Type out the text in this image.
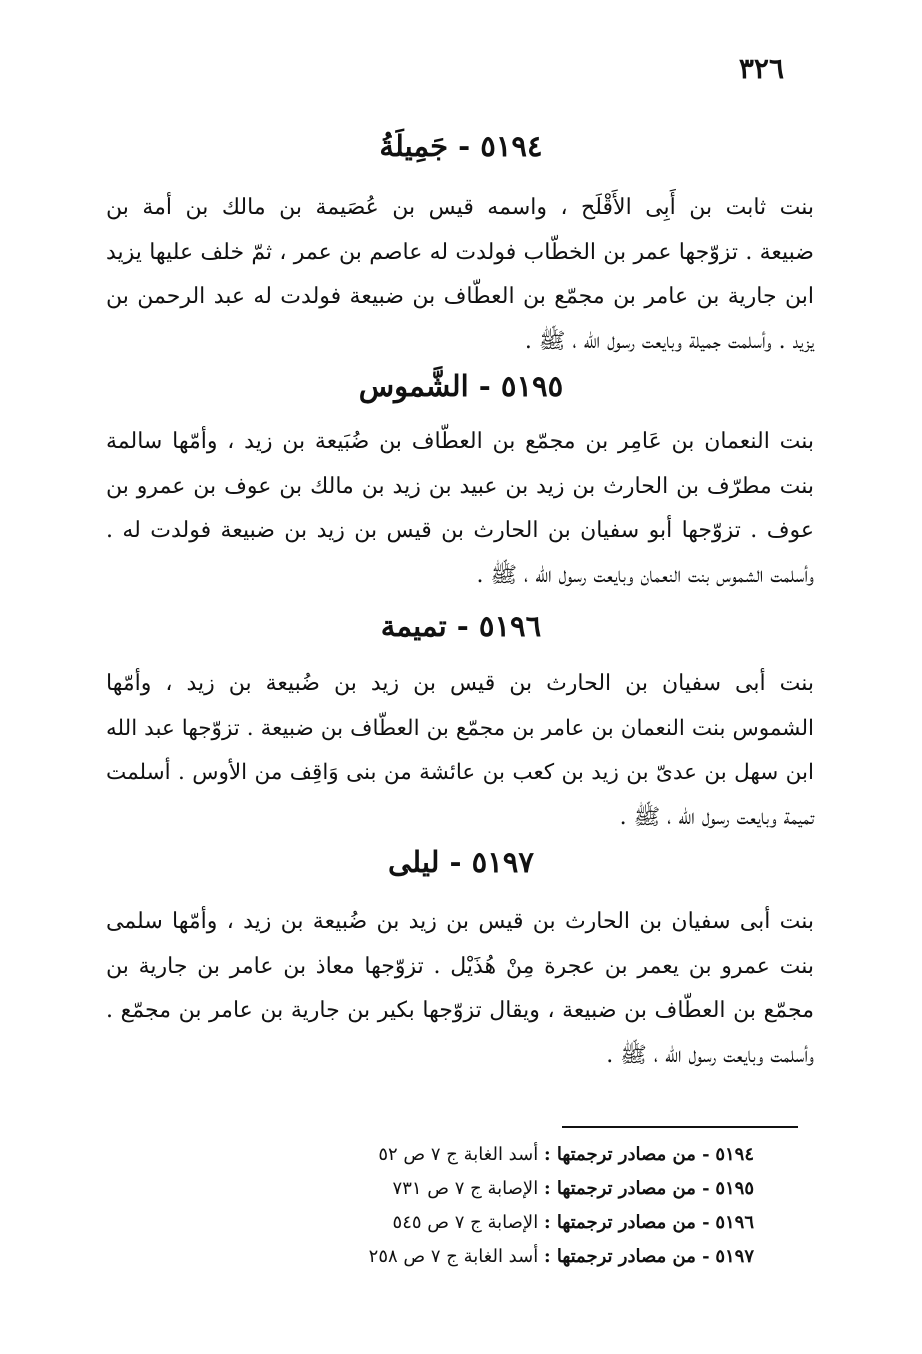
٣٢٦
٥١٩٤ - جَمِيلَةُ
بنت ثابت بن أَبِى الأَقْلَح ، واسمه قيس بن عُصَيمة بن مالك بن أمة بن
ضبيعة . تزوّجها عمر بن الخطّاب فولدت له عاصم بن عمر ، ثمّ خلف عليها يزيد
ابن جارية بن عامر بن مجمّع بن العطّاف بن ضبيعة فولدت له عبد الرحمن بن
يزيد . وأسلمت جميلة وبايعت رسول الله ، ﷺ .
٥١٩٥ - الشَّموس
بنت النعمان بن عَامِر بن مجمّع بن العطّاف بن ضُبَيعة بن زيد ، وأمّها سالمة
بنت مطرّف بن الحارث بن زيد بن عبيد بن زيد بن مالك بن عوف بن عمرو بن
عوف . تزوّجها أبو سفيان بن الحارث بن قيس بن زيد بن ضبيعة فولدت له .
وأسلمت الشموس بنت النعمان وبايعت رسول الله ، ﷺ .
٥١٩٦ - تميمة
بنت أبى سفيان بن الحارث بن قيس بن زيد بن ضُبيعة بن زيد ، وأمّها
الشموس بنت النعمان بن عامر بن مجمّع بن العطّاف بن ضبيعة . تزوّجها عبد الله
ابن سهل بن عدىّ بن زيد بن كعب بن عائشة من بنى وَاقِف من الأوس . أسلمت
تميمة وبايعت رسول الله ، ﷺ .
٥١٩٧ - ليلى
بنت أبى سفيان بن الحارث بن قيس بن زيد بن ضُبيعة بن زيد ، وأمّها سلمى
بنت عمرو بن يعمر بن عجرة مِنْ هُذَيْل . تزوّجها معاذ بن عامر بن جارية بن
مجمّع بن العطّاف بن ضبيعة ، ويقال تزوّجها بكير بن جارية بن عامر بن مجمّع .
وأسلمت وبايعت رسول الله ، ﷺ .
٥١٩٤ - من مصادر ترجمتها : أسد الغابة ج ٧ ص ٥٢
٥١٩٥ - من مصادر ترجمتها : الإصابة ج ٧ ص ٧٣١
٥١٩٦ - من مصادر ترجمتها : الإصابة ج ٧ ص ٥٤٥
٥١٩٧ - من مصادر ترجمتها : أسد الغابة ج ٧ ص ٢٥٨
